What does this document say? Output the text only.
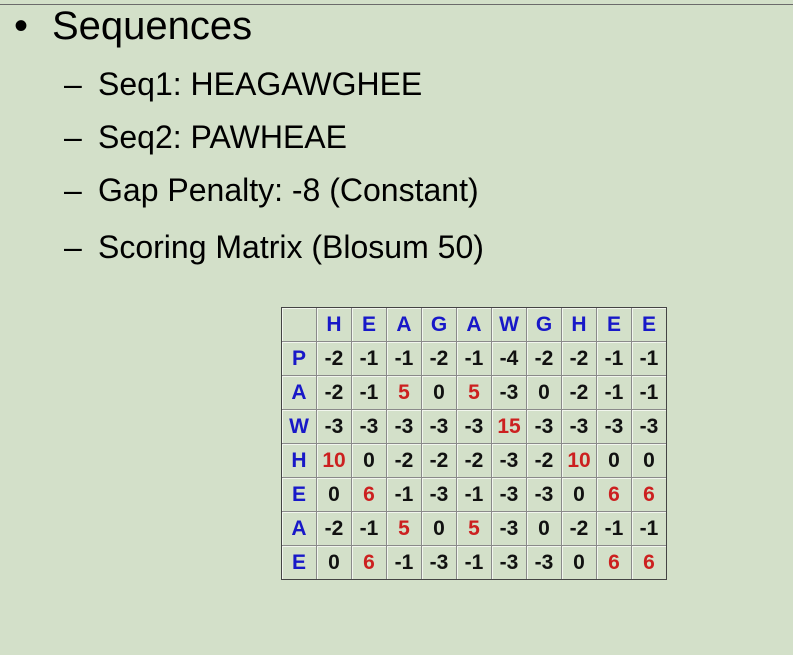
• Sequences
– Seq1: HEAGAWGHEE
– Seq2: PAWHEAE
– Gap Penalty: -8 (Constant)
– Scoring Matrix (Blosum 50)
	H	E	A	G	A	W	G	H	E	E
P	-2	-1	-1	-2	-1	-4	-2	-2	-1	-1
A	-2	-1	5	0	5	-3	0	-2	-1	-1
W	-3	-3	-3	-3	-3	15	-3	-3	-3	-3
H	10	0	-2	-2	-2	-3	-2	10	0	0
E	0	6	-1	-3	-1	-3	-3	0	6	6
A	-2	-1	5	0	5	-3	0	-2	-1	-1
E	0	6	-1	-3	-1	-3	-3	0	6	6
